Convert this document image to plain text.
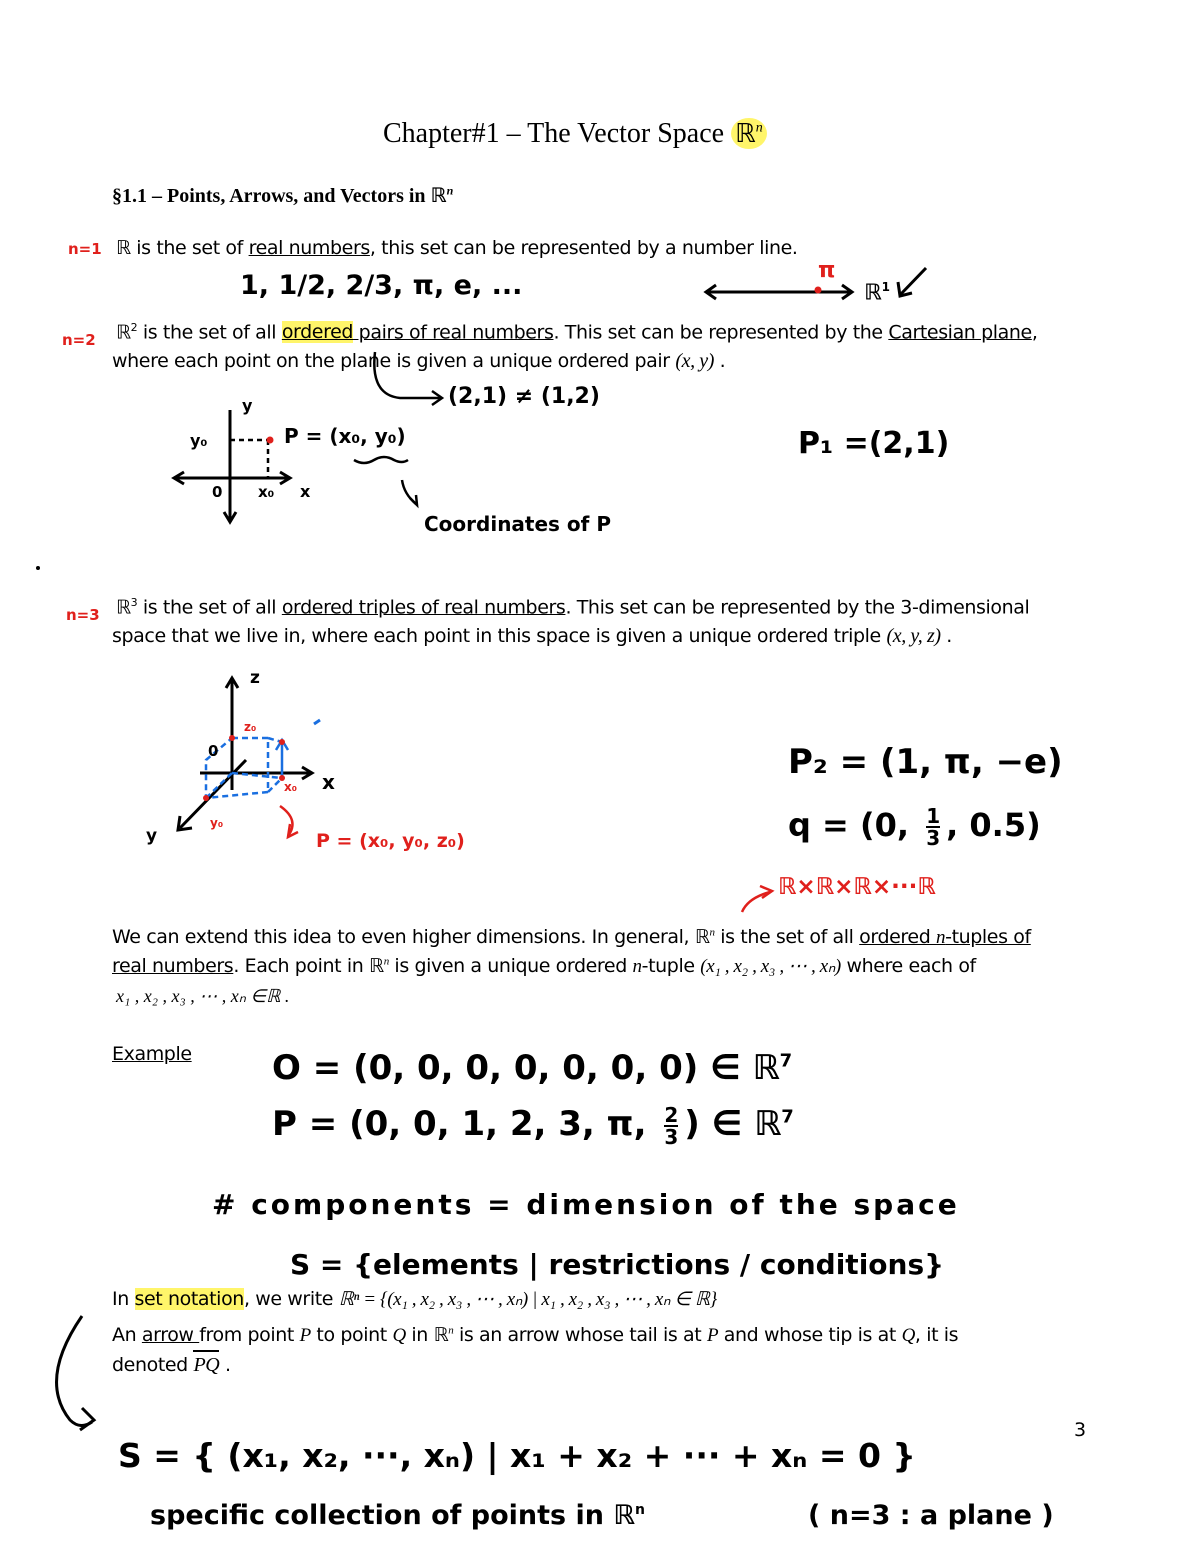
Chapter#1 – The Vector Space ℝ$^n$
§1.1 – Points, Arrows, and Vectors in ℝ$^n$
n=1 ℝ is the set of real numbers, this set can be represented by a number line.
1, 1/2, 2/3, π, e, ...	π
ℝ$^1$
n=2 ℝ$^2$ is the set of all ordered pairs of real numbers. This set can be represented by the Cartesian plane,
where each point on the plane is given a unique ordered pair (x, y) .
y
y₀
0 x₀ x
P = (x₀, y₀)
(2,1) ≠ (1,2)
Coordinates of P
P₁ =(2,1)
n=3 ℝ$^3$ is the set of all ordered triples of real numbers. This set can be represented by the 3-dimensional
space that we live in, where each point in this space is given a unique ordered triple (x, y, z) .
z
0
z₀
x₀
y₀
x
y	P = (x₀, y₀, z₀)
P₂ = (1, π, −e)
q = (0, $\frac{1}{3}$ , 0.5)
ℝ×ℝ×ℝ×···ℝ
We can extend this idea to even higher dimensions. In general, ℝ$^n$ is the set of all ordered n-tuples of
real numbers. Each point in ℝ$^n$ is given a unique ordered n-tuple (x₁ , x₂ , x₃ , ⋯ , xₙ) where each of
x₁ , x₂ , x₃ , ⋯ , xₙ ∈ℝ .
Example O = (0, 0, 0, 0, 0, 0, 0) ∈ ℝ$^7$
P = (0, 0, 1, 2, 3, π, $\frac{2}{3}$ ) ∈ ℝ$^7$
# components = dimension of the space
S = {elements | restrictions / conditions}
In set notation, we write ℝⁿ = {(x₁ , x₂ , x₃ , ⋯ , xₙ) | x₁ , x₂ , x₃ , ⋯ , xₙ ∈ ℝ}
An arrow from point P to point Q in ℝ$^n$ is an arrow whose tail is at P and whose tip is at Q, it is
denoted
PQ .
3
S = { (x₁, x₂, ···, xₙ) | x₁ + x₂ + ··· + xₙ = 0 }
specific collection of points in ℝ$^n$	( n=3 : a plane )
